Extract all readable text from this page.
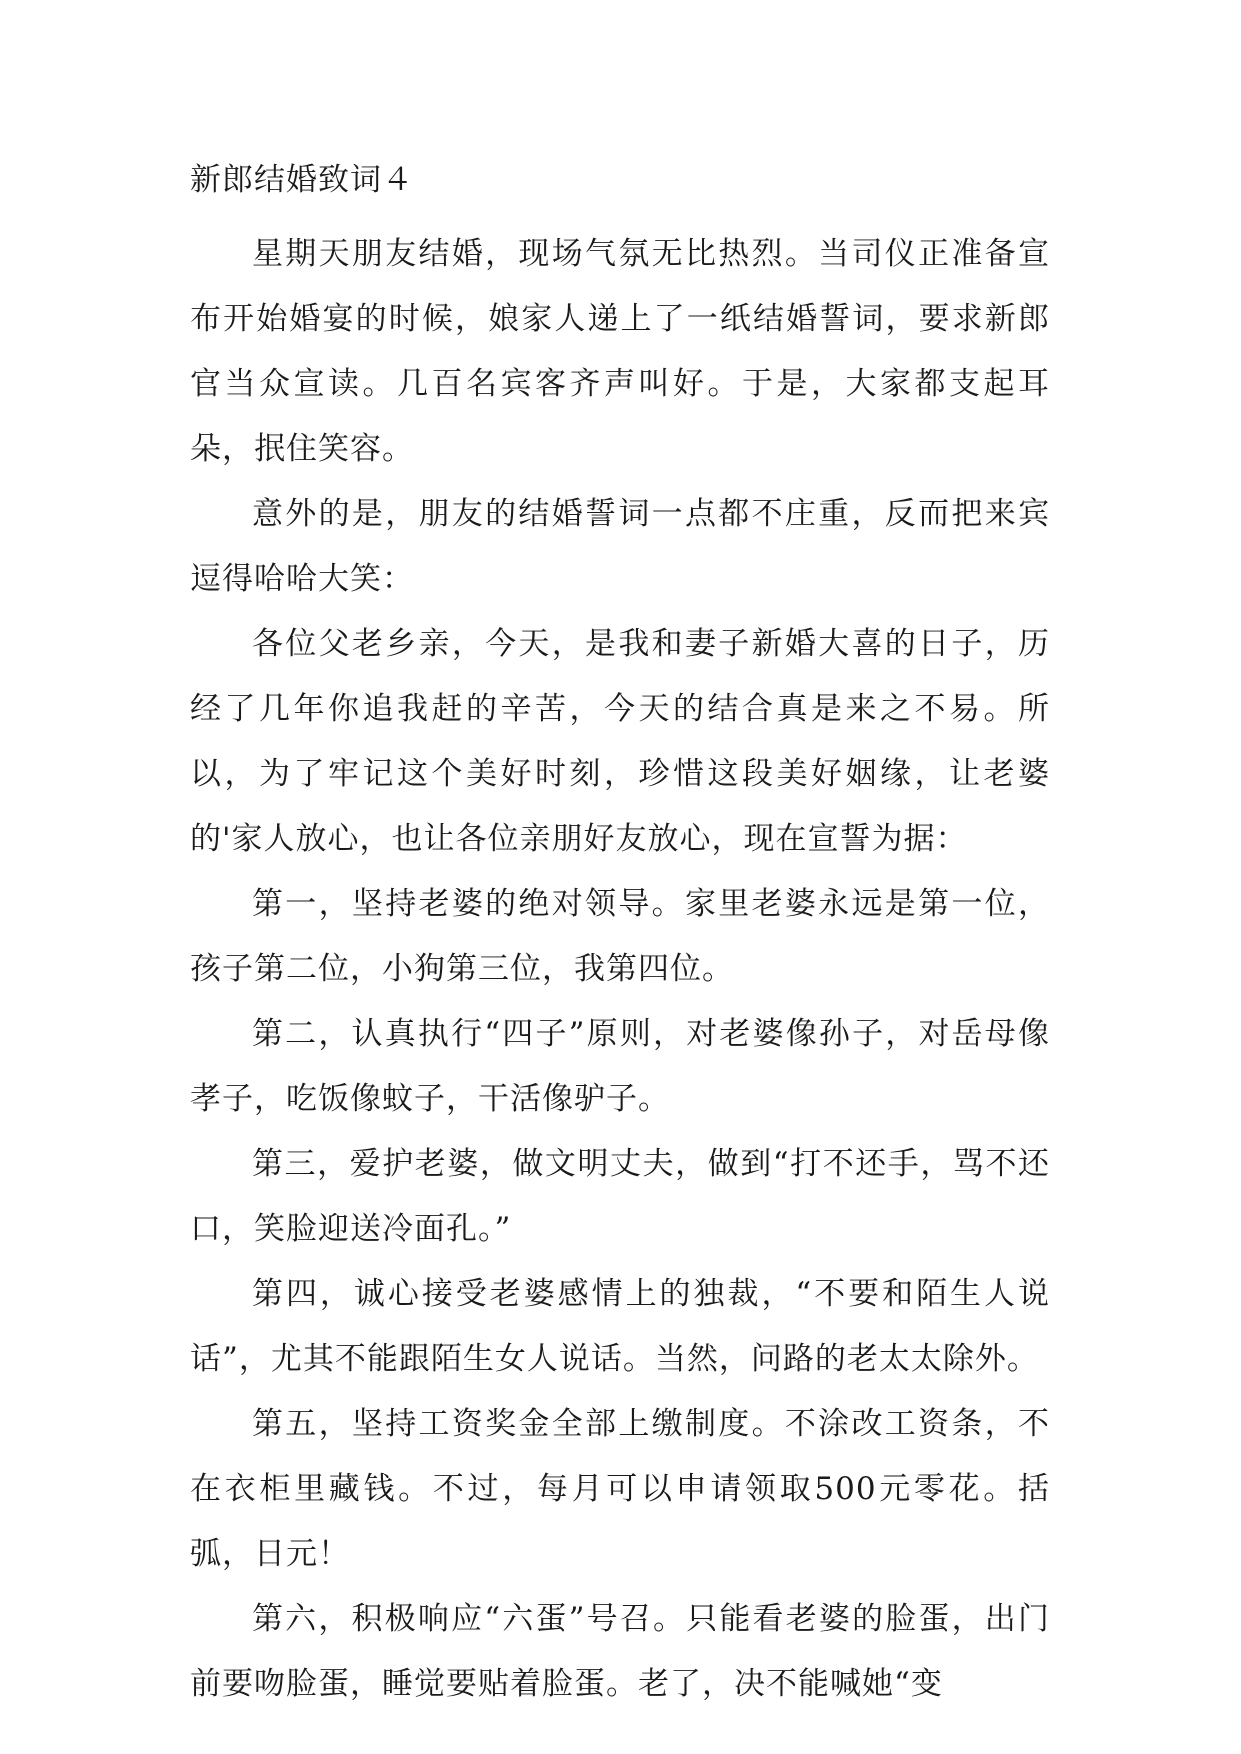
新郎结婚致词４

星期天朋友结婚，现场气氛无比热烈。当司仪正准备宣布开始婚宴的时候，娘家人递上了一纸结婚誓词，要求新郎官当众宣读。几百名宾客齐声叫好。于是，大家都支起耳朵，抿住笑容。

意外的是，朋友的结婚誓词一点都不庄重，反而把来宾逗得哈哈大笑：

各位父老乡亲，今天，是我和妻子新婚大喜的日子，历经了几年你追我赶的辛苦，今天的结合真是来之不易。所以，为了牢记这个美好时刻，珍惜这段美好姻缘，让老婆的'家人放心，也让各位亲朋好友放心，现在宣誓为据：

第一，坚持老婆的绝对领导。家里老婆永远是第一位，孩子第二位，小狗第三位，我第四位。

第二，认真执行“四子”原则，对老婆像孙子，对岳母像孝子，吃饭像蚊子，干活像驴子。

第三，爱护老婆，做文明丈夫，做到“打不还手，骂不还口，笑脸迎送冷面孔。”

第四，诚心接受老婆感情上的独裁，“不要和陌生人说话”，尤其不能跟陌生女人说话。当然，问路的老太太除外。

第五，坚持工资奖金全部上缴制度。不涂改工资条，不在衣柜里藏钱。不过，每月可以申请领取500元零花。括弧，日元！

第六，积极响应“六蛋”号召。只能看老婆的脸蛋，出门前要吻脸蛋，睡觉要贴着脸蛋。老了，决不能喊她“变
